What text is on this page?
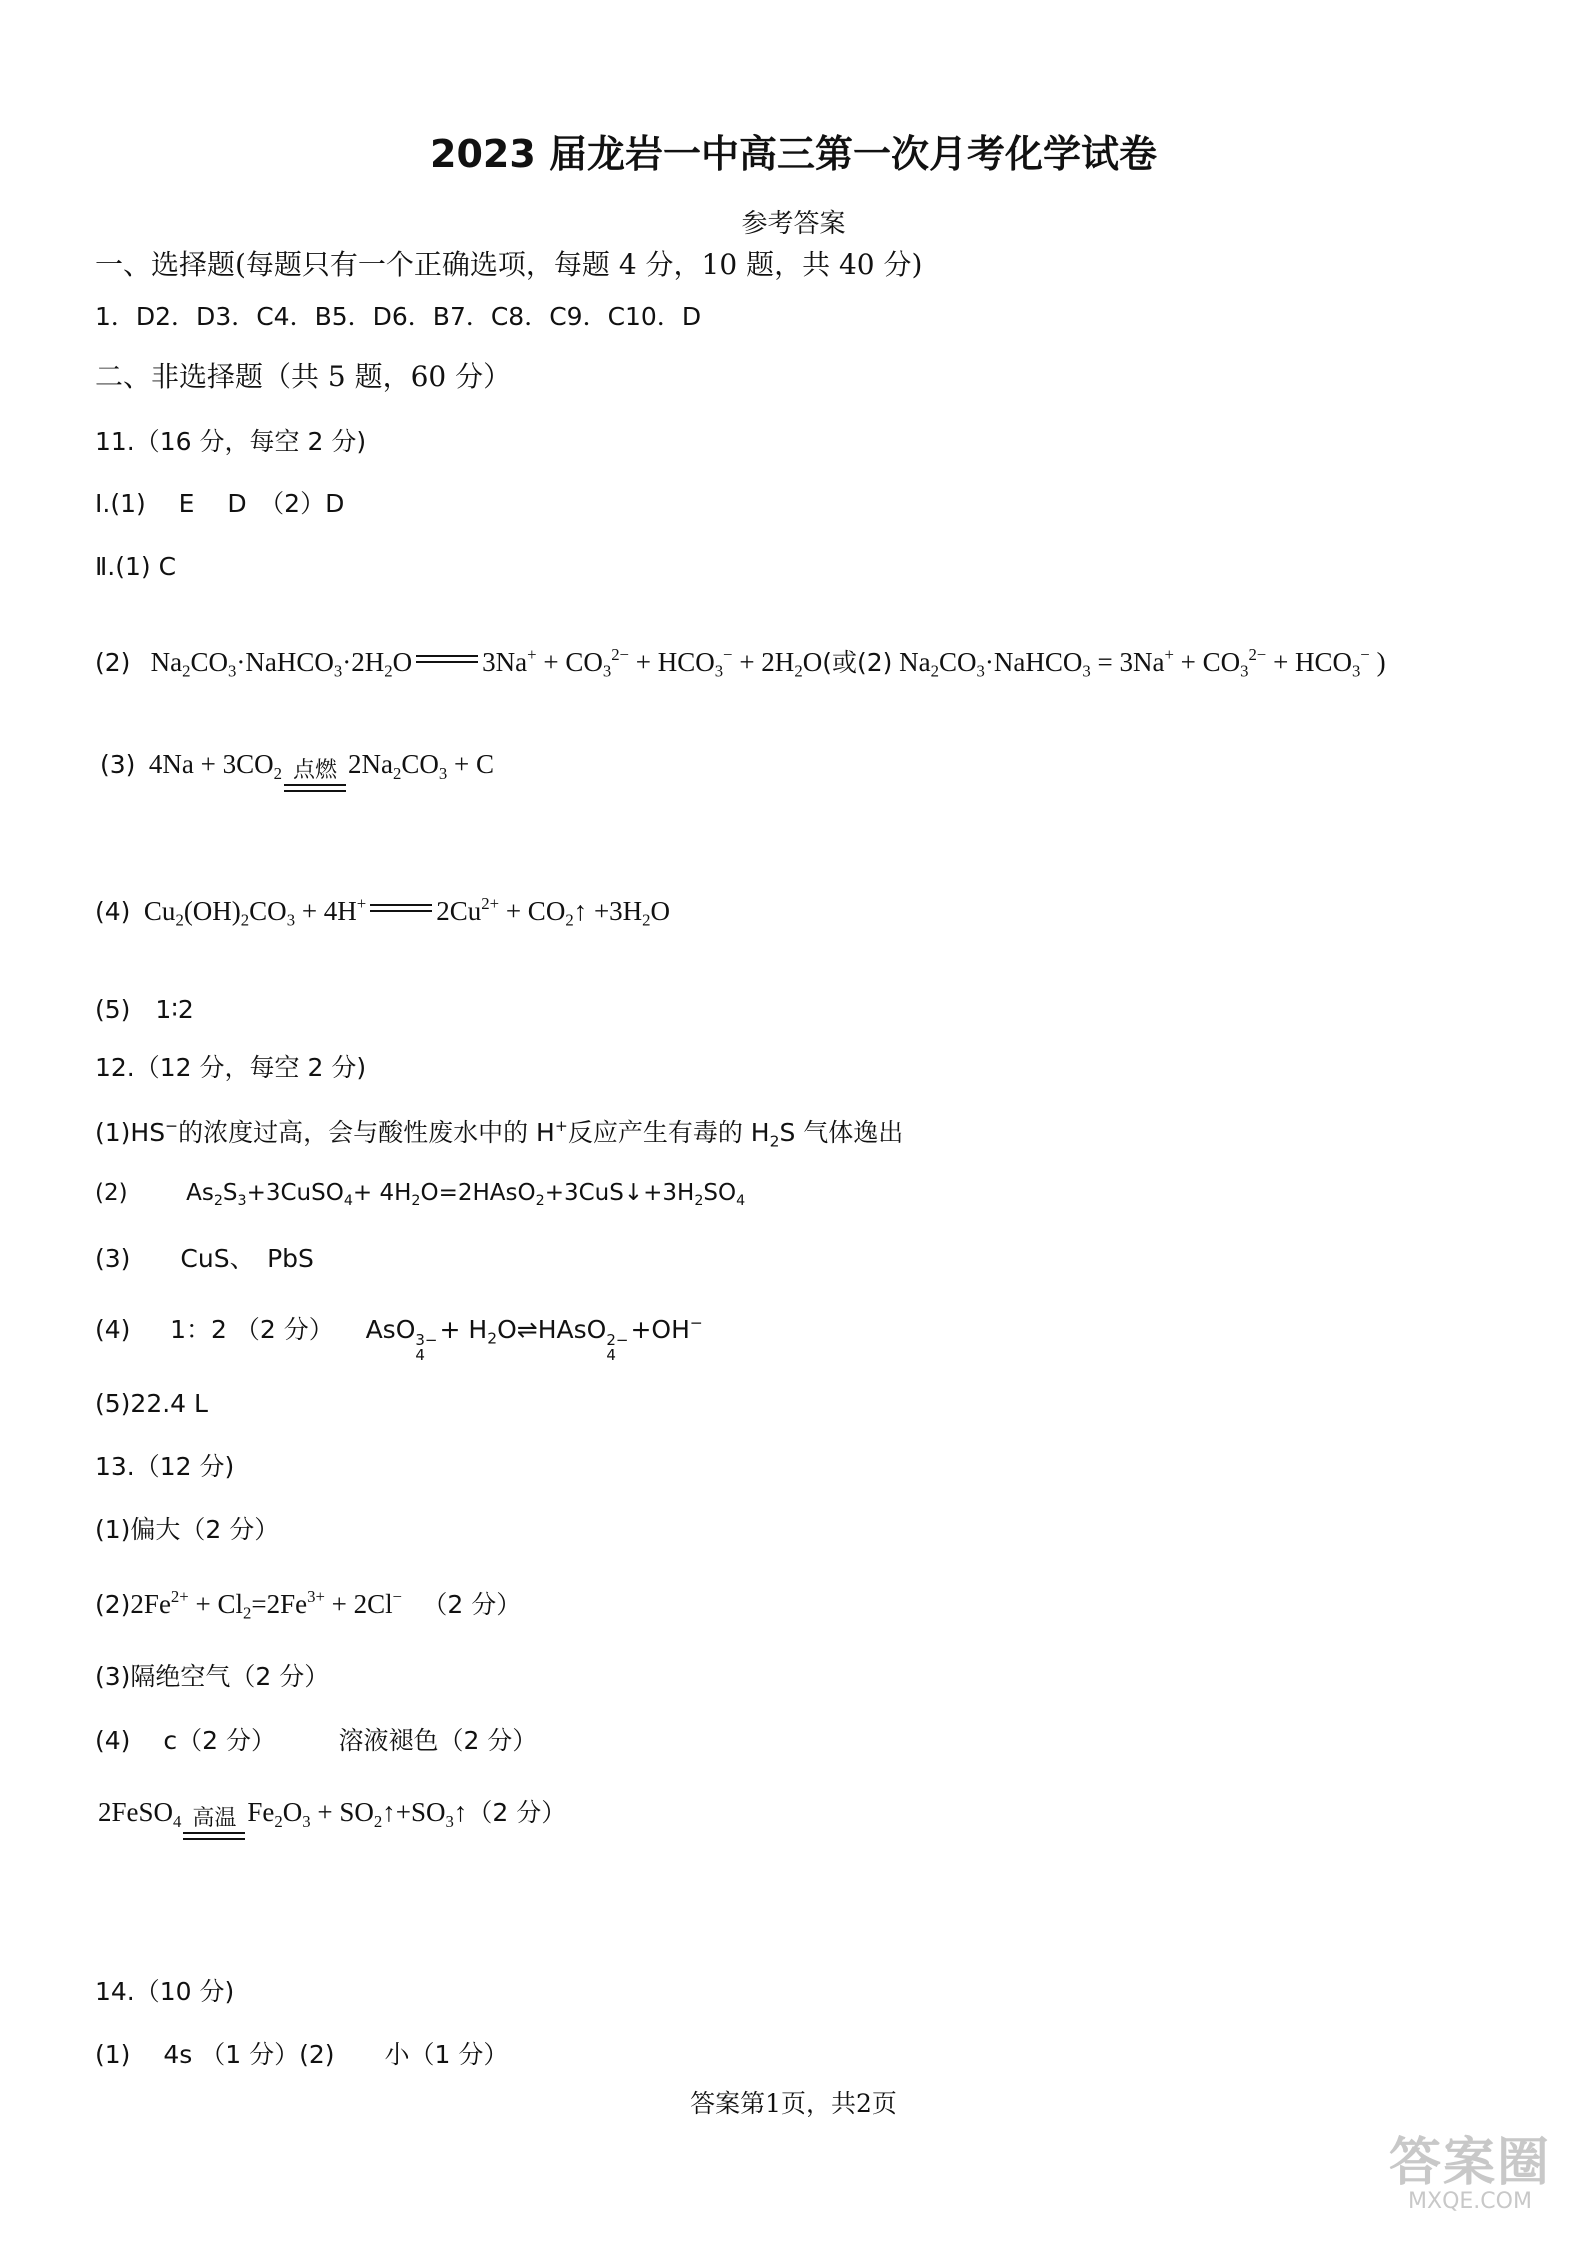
2023 届龙岩一中高三第一次月考化学试卷
参考答案
一、选择题(每题只有一个正确选项，每题 4 分，10 题，共 40 分)
1．D2．D3．C4．B5．D6．B7．C8．C9．C10．D
二、非选择题（共 5 题，60 分）
11.（16 分，每空 2 分)
Ⅰ.(1)　 E　 D　（2）D
Ⅱ.(1) C
(2)   $Na_2CO_3\cdot NaHCO_3\cdot 2H_2O$	$3Na^+ + CO_3^{2-} + HCO_3^- + 2H_2O$(或(2) $Na_2CO_3\cdot NaHCO_3 = 3Na^+ + CO_3^{2-} + HCO_3^-$ )
(3)  $4Na + 3CO_2$ 点燃 $2Na_2CO_3 + C$
(4)  $Cu_2(OH)_2CO_3 + 4H^+$	$2Cu^{2+}$ + $CO_2↑ +3H_2O$
(5)　1∶2
12.（12 分，每空 2 分)
(1)HS−的浓度过高，会与酸性废水中的 H+反应产生有毒的 $H_2S$ 气体逸出
(2)        $As_2S_3+3CuSO_4+$ $4H_2O=2HAsO_2+3CuS↓+3H_2SO_4$
(3)　　CuS、　PbS
(4) 1：2 （2 分）    AsO 3−
4
+ $H_2O\rightleftharpoons HAsO$ 2−
4
+OH−
(5)22.4 L
13.（12 分)
(1)偏大（2 分）
$(2)2Fe^{2+} + Cl_2=2Fe^{3+} + 2Cl^-$ （2 分）
(3)隔绝空气（2 分）
(4)　 c（2 分）　　　溶液褪色（2 分）
2FeSO$_4$ 高温 $Fe_2O_3$ + $SO_2↑+SO_3↑(2$ 分）
14.（10 分)
(1)　 4s （1 分）(2)　　小（1 分）
答案第1页，共2页
答案圈
MXQE.COM
